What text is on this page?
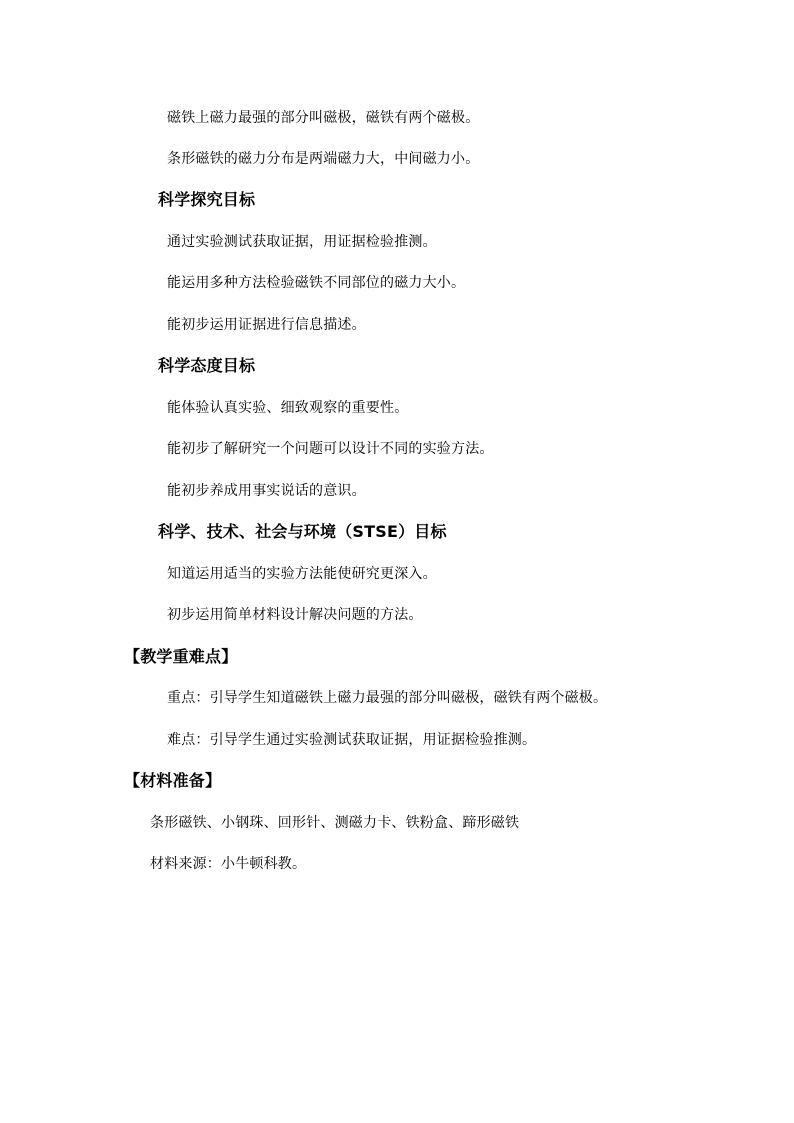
磁铁上磁力最强的部分叫磁极，磁铁有两个磁极。
条形磁铁的磁力分布是两端磁力大，中间磁力小。
科学探究目标
通过实验测试获取证据，用证据检验推测。
能运用多种方法检验磁铁不同部位的磁力大小。
能初步运用证据进行信息描述。
科学态度目标
能体验认真实验、细致观察的重要性。
能初步了解研究一个问题可以设计不同的实验方法。
能初步养成用事实说话的意识。
科学、技术、社会与环境（STSE）目标
知道运用适当的实验方法能使研究更深入。
初步运用简单材料设计解决问题的方法。
【教学重难点】
重点：引导学生知道磁铁上磁力最强的部分叫磁极，磁铁有两个磁极。
难点：引导学生通过实验测试获取证据，用证据检验推测。
【材料准备】
条形磁铁、小钢珠、回形针、测磁力卡、铁粉盒、蹄形磁铁
材料来源：小牛顿科教。
